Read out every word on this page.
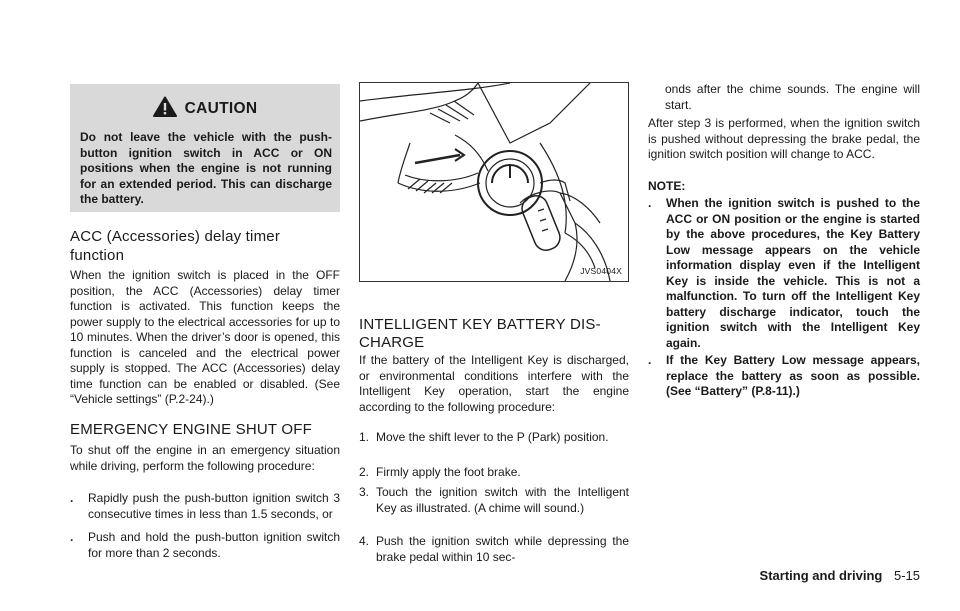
CAUTION
Do not leave the vehicle with the push-button ignition switch in ACC or ON positions when the engine is not running for an extended period. This can discharge the battery.
ACC (Accessories) delay timer
function

When the ignition switch is placed in the OFF position, the ACC (Accessories) delay timer function is activated. This function keeps the power supply to the electrical accessories for up to 10 minutes. When the driver’s door is opened, this function is canceled and the electrical power supply is stopped. The ACC (Accessories) delay time function can be enabled or disabled. (See “Vehicle settings” (P.2-24).)

EMERGENCY ENGINE SHUT OFF

To shut off the engine in an emergency situation while driving, perform the following procedure:

. Rapidly push the push-button ignition switch 3 consecutive times in less than 1.5 seconds, or
. Push and hold the push-button ignition switch for more than 2 seconds.
JVS0404X
INTELLIGENT KEY BATTERY DIS-
CHARGE

If the battery of the Intelligent Key is discharged, or environmental conditions interfere with the Intelligent Key operation, start the engine according to the following procedure:

1. Move the shift lever to the P (Park) position.
2. Firmly apply the foot brake.
3. Touch the ignition switch with the Intelligent Key as illustrated. (A chime will sound.)
4. Push the ignition switch while depressing the brake pedal within 10 sec-

onds after the chime sounds. The engine will start.

After step 3 is performed, when the ignition switch is pushed without depressing the brake pedal, the ignition switch position will change to ACC.

NOTE:
. When the ignition switch is pushed to the ACC or ON position or the engine is started by the above procedures, the Key Battery Low message appears on the vehicle information display even if the Intelligent Key is inside the vehicle. This is not a malfunction. To turn off the Intelligent Key battery discharge indicator, touch the ignition switch with the Intelligent Key again.
. If the Key Battery Low message appears, replace the battery as soon as possible. (See “Battery” (P.8-11).)
Starting and driving 5-15
